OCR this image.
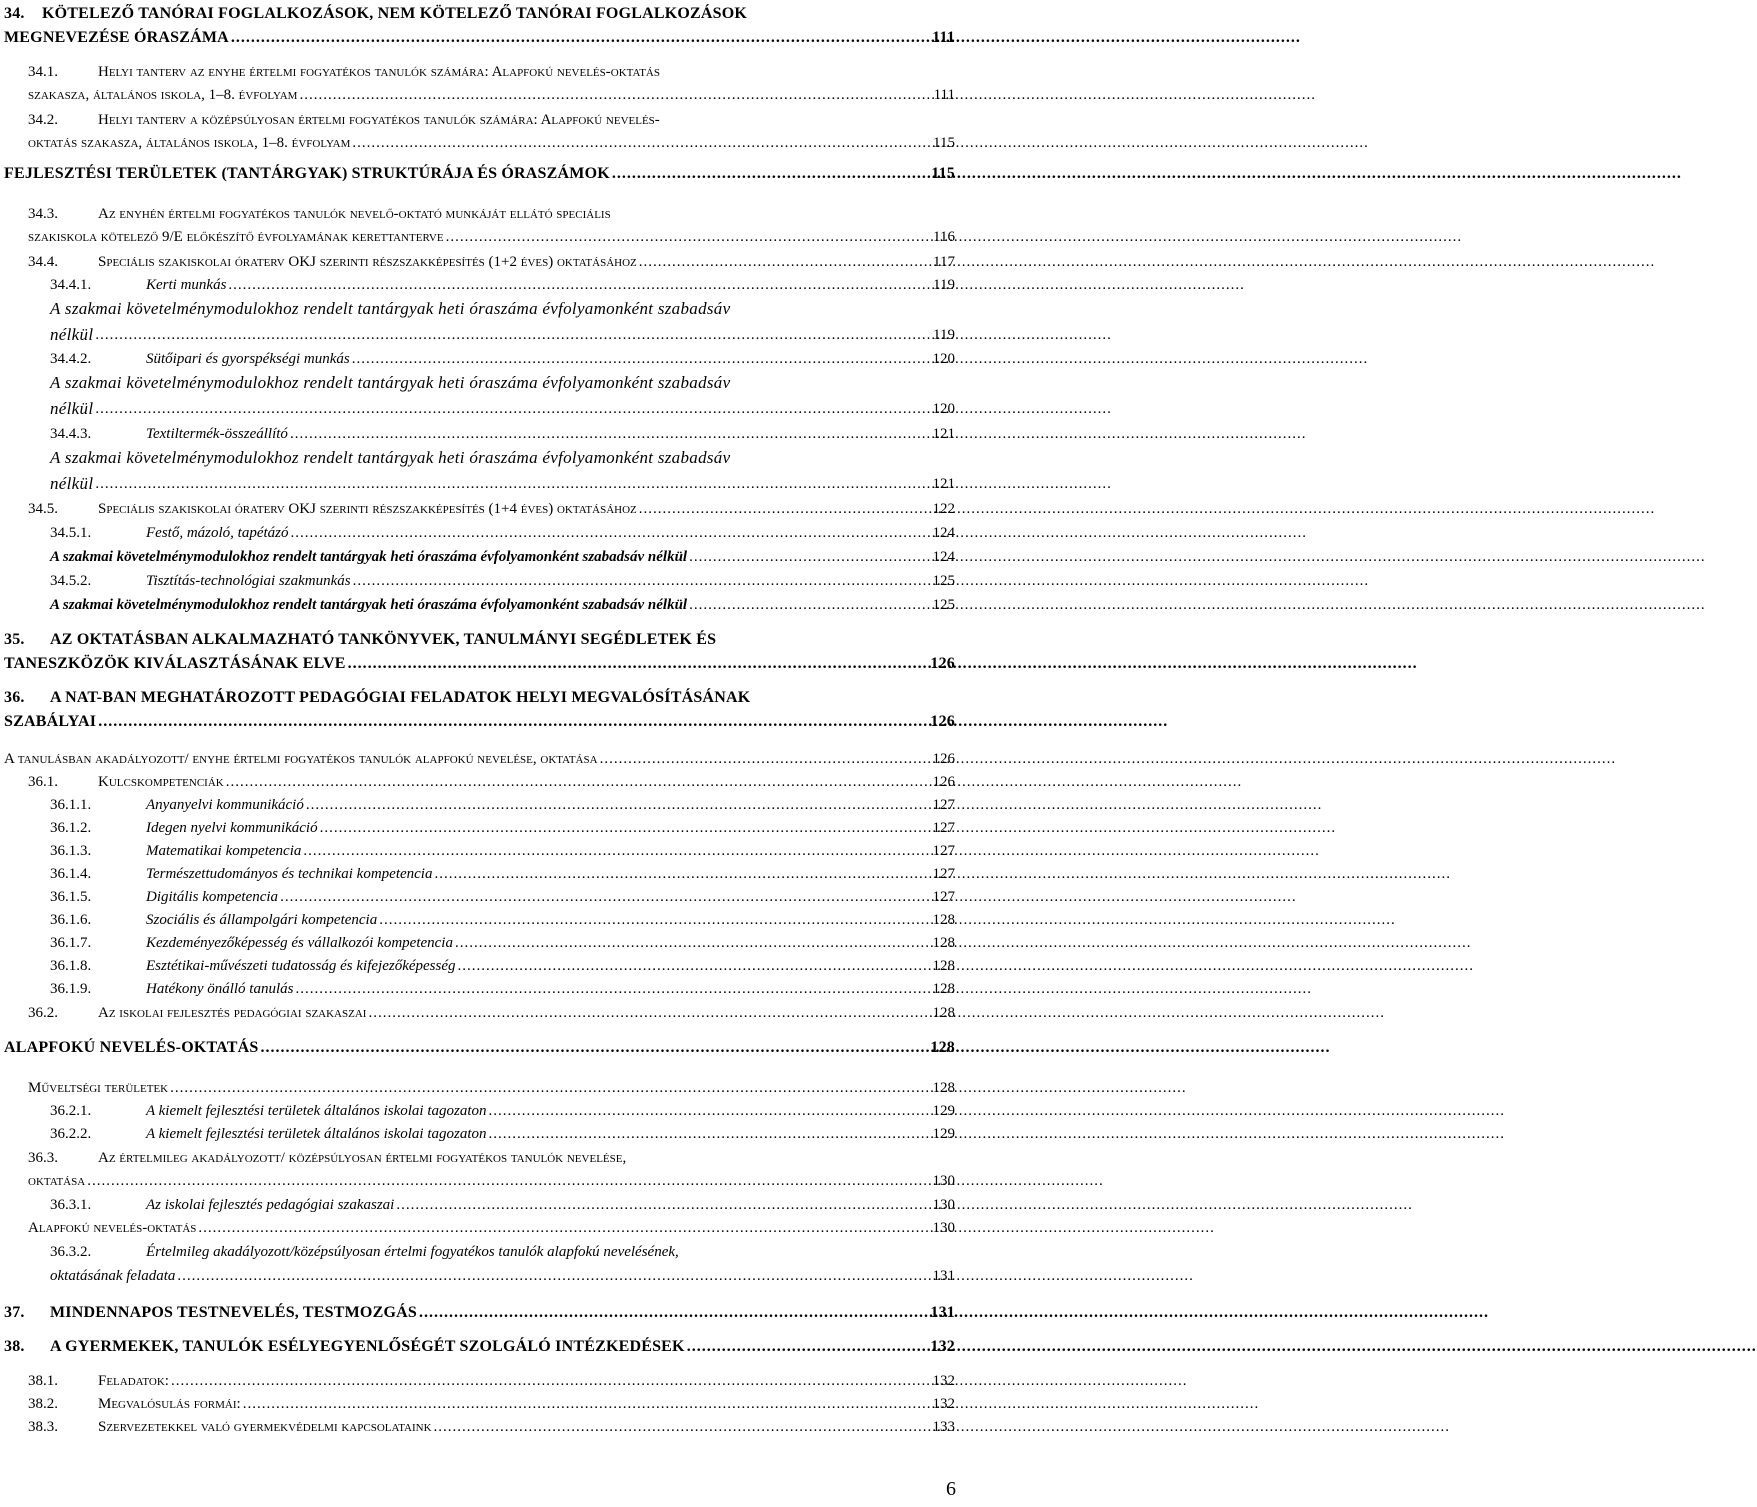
34.	KÖTELEZŐ TANÓRAI FOGLALKOZÁSOK, NEM KÖTELEZŐ TANÓRAI FOGLALKOZÁSOK
MEGNEVEZÉSE ÓRASZÁMA .....	111
34.1.	Helyi tanterv az enyhe értelmi fogyatékos tanulók számára: Alapfokú nevelés-oktatás
szakasza, általános iskola, 1–8. évfolyam .....	111
34.2.	Helyi tanterv a középsúlyosan értelmi fogyatékos tanulók számára: Alapfokú nevelés-
oktatás szakasza, általános iskola, 1–8. évfolyam .....	115
FEJLESZTÉSI TERÜLETEK (TANTÁRGYAK) STRUKTÚRÁJA ÉS ÓRASZÁMOK .....	115
34.3.	Az enyhén értelmi fogyatékos tanulók nevelő-oktató munkáját ellátó speciális
szakiskola kötelező 9/E előkészítő évfolyamának kerettanterve .....	116
34.4.	Speciális szakiskolai óraterv OKJ szerinti részszakképesítés (1+2 éves) oktatásához .....	117
34.4.1.	Kerti munkás .....	119
A szakmai követelménymodulokhoz rendelt tantárgyak heti óraszáma évfolyamonként szabadsáv
nélkül .....	119
34.4.2.	Sütőipari és gyorspékségi munkás .....	120
A szakmai követelménymodulokhoz rendelt tantárgyak heti óraszáma évfolyamonként szabadsáv
nélkül .....	120
34.4.3.	Textiltermék-összeállító .....	121
A szakmai követelménymodulokhoz rendelt tantárgyak heti óraszáma évfolyamonként szabadsáv
nélkül .....	121
34.5.	Speciális szakiskolai óraterv OKJ szerinti részszakképesítés (1+4 éves) oktatásához .....	122
34.5.1.	Festő, mázoló, tapétázó .....	124
A szakmai követelménymodulokhoz rendelt tantárgyak heti óraszáma évfolyamonként szabadsáv nélkül .....	124
34.5.2.	Tisztítás-technológiai szakmunkás .....	125
A szakmai követelménymodulokhoz rendelt tantárgyak heti óraszáma évfolyamonként szabadsáv nélkül .....	125
35.	AZ OKTATÁSBAN ALKALMAZHATÓ TANKÖNYVEK, TANULMÁNYI SEGÉDLETEK ÉS
TANESZKÖZÖK KIVÁLASZTÁSÁNAK ELVE .....	126
36.	A NAT-BAN MEGHATÁROZOTT PEDAGÓGIAI FELADATOK HELYI MEGVALÓSÍTÁSÁNAK
SZABÁLYAI .....	126
A tanulásban akadályozott/ enyhe értelmi fogyatékos tanulók alapfokú nevelése, oktatása .....	126
36.1.	Kulcskompetenciák .....	126
36.1.1.	Anyanyelvi kommunikáció .....	127
36.1.2.	Idegen nyelvi kommunikáció .....	127
36.1.3.	Matematikai kompetencia .....	127
36.1.4.	Természettudományos és technikai kompetencia .....	127
36.1.5.	Digitális kompetencia .....	127
36.1.6.	Szociális és állampolgári kompetencia .....	128
36.1.7.	Kezdeményezőképesség és vállalkozói kompetencia .....	128
36.1.8.	Esztétikai-művészeti tudatosság és kifejezőképesség .....	128
36.1.9.	Hatékony önálló tanulás .....	128
36.2.	Az iskolai fejlesztés pedagógiai szakaszai .....	128
ALAPFOKÚ NEVELÉS-OKTATÁS .....	128
Műveltségi területek .....	128
36.2.1.	A kiemelt fejlesztési területek általános iskolai tagozaton .....	129
36.2.2.	A kiemelt fejlesztési területek általános iskolai tagozaton .....	129
36.3.	Az értelmileg akadályozott/ középsúlyosan értelmi fogyatékos tanulók nevelése,
oktatása .....	130
36.3.1.	Az iskolai fejlesztés pedagógiai szakaszai .....	130
Alapfokú nevelés-oktatás .....	130
36.3.2.	Értelmileg akadályozott/középsúlyosan értelmi fogyatékos tanulók alapfokú nevelésének,
oktatásának feladata .....	131
37.	MINDENNAPOS TESTNEVELÉS, TESTMOZGÁS .....	131
38.	A GYERMEKEK, TANULÓK ESÉLYEGYENLŐSÉGÉT SZOLGÁLÓ INTÉZKEDÉSEK .....	132
38.1.	Feladatok: .....	132
38.2.	Megvalósulás formái: .....	132
38.3.	Szervezetekkel való gyermekvédelmi kapcsolataink .....	133
6
